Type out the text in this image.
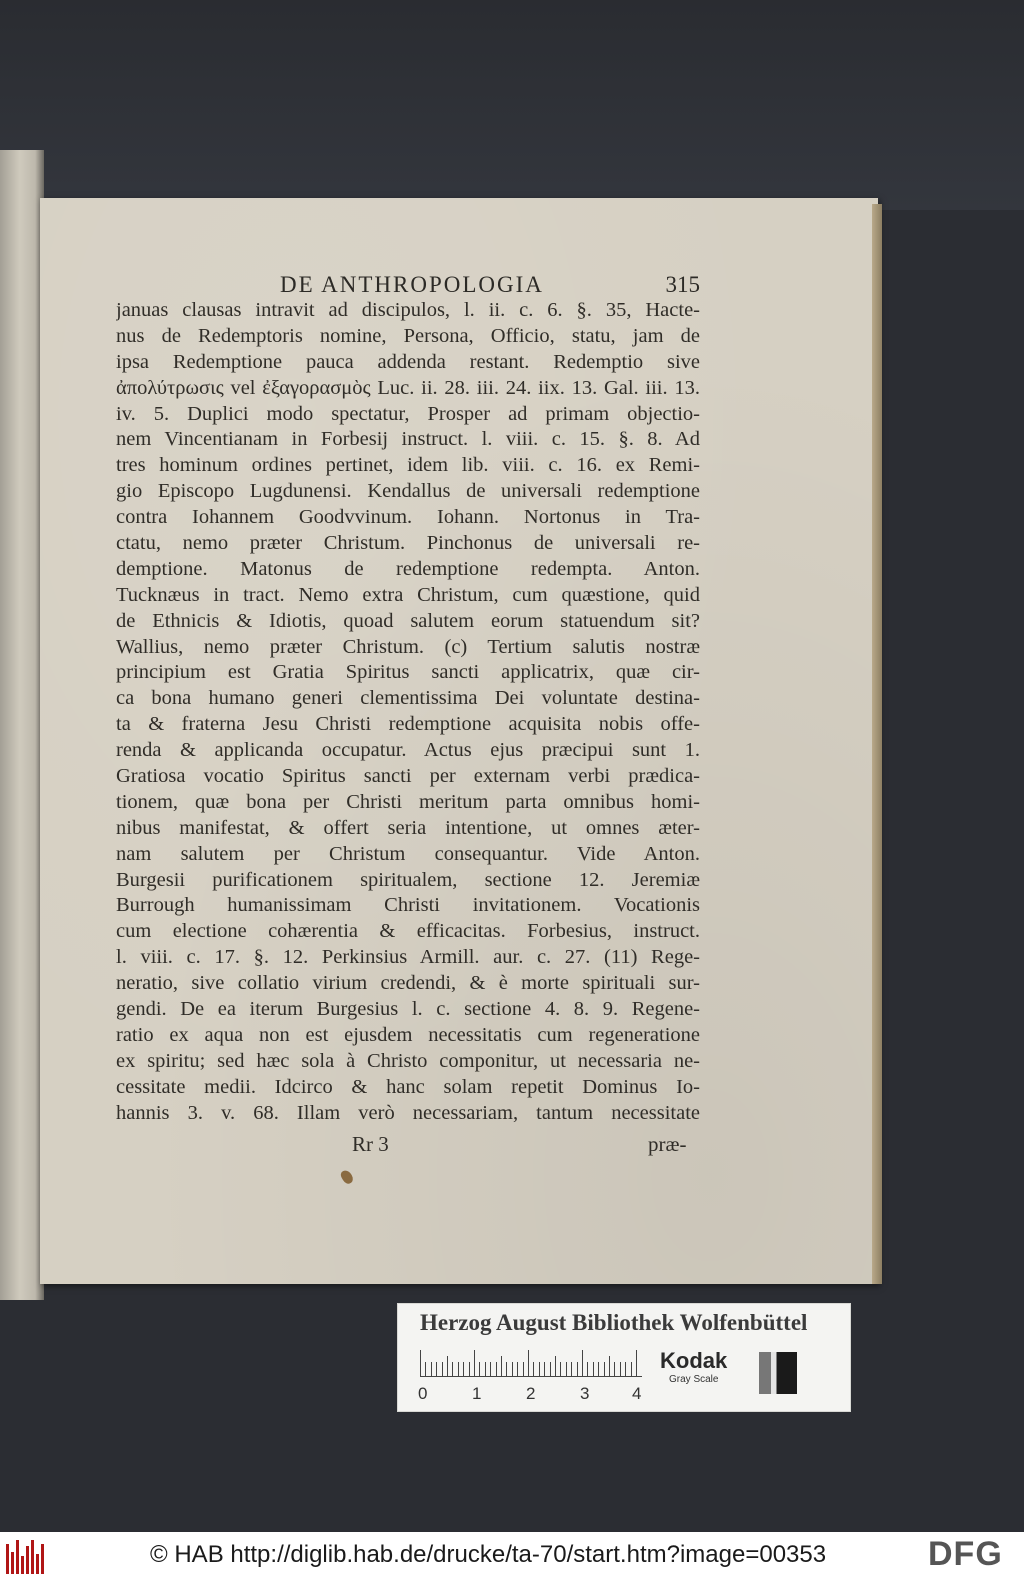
DE ANTHROPOLOGIA	315
januas clausas intravit ad discipulos, l. ii. c. 6. §. 35, Hacte-
nus de Redemptoris nomine, Persona, Officio, statu, jam de
ipsa Redemptione pauca addenda restant. Redemptio sive
ἀπολύτρωσις vel ἐξαγορασμὸς Luc. ii. 28. iii. 24. iix. 13. Gal. iii. 13.
iv. 5. Duplici modo spectatur, Prosper ad primam objectio-
nem Vincentianam in Forbesij instruct. l. viii. c. 15. §. 8. Ad
tres hominum ordines pertinet, idem lib. viii. c. 16. ex Remi-
gio Episcopo Lugdunensi. Kendallus de universali redemptione
contra Iohannem Goodvvinum. Iohann. Nortonus in Tra-
ctatu, nemo præter Christum. Pinchonus de universali re-
demptione. Matonus de redemptione redempta. Anton.
Tucknæus in tract. Nemo extra Christum, cum quæstione, quid
de Ethnicis & Idiotis, quoad salutem eorum statuendum sit?
Wallius, nemo præter Christum. (c) Tertium salutis nostræ
principium est Gratia Spiritus sancti applicatrix, quæ cir-
ca bona humano generi clementissima Dei voluntate destina-
ta & fraterna Jesu Christi redemptione acquisita nobis offe-
renda & applicanda occupatur. Actus ejus præcipui sunt 1.
Gratiosa vocatio Spiritus sancti per externam verbi prædica-
tionem, quæ bona per Christi meritum parta omnibus homi-
nibus manifestat, & offert seria intentione, ut omnes æter-
nam salutem per Christum consequantur. Vide Anton.
Burgesii purificationem spiritualem, sectione 12. Jeremiæ
Burrough humanissimam Christi invitationem. Vocationis
cum electione cohærentia & efficacitas. Forbesius, instruct.
l. viii. c. 17. §. 12. Perkinsius Armill. aur. c. 27. (11) Rege-
neratio, sive collatio virium credendi, & è morte spirituali sur-
gendi. De ea iterum Burgesius l. c. sectione 4. 8. 9. Regene-
ratio ex aqua non est ejusdem necessitatis cum regeneratione
ex spiritu; sed hæc sola à Christo componitur, ut necessaria ne-
cessitate medii. Idcirco & hanc solam repetit Dominus Io-
hannis 3. v. 68. Illam verò necessariam, tantum necessitate
Rr 3	præ-
Herzog August Bibliothek Wolfenbüttel
0	1	2	3	4
Kodak
Gray Scale
© HAB http://diglib.hab.de/drucke/ta-70/start.htm?image=00353	DFG
